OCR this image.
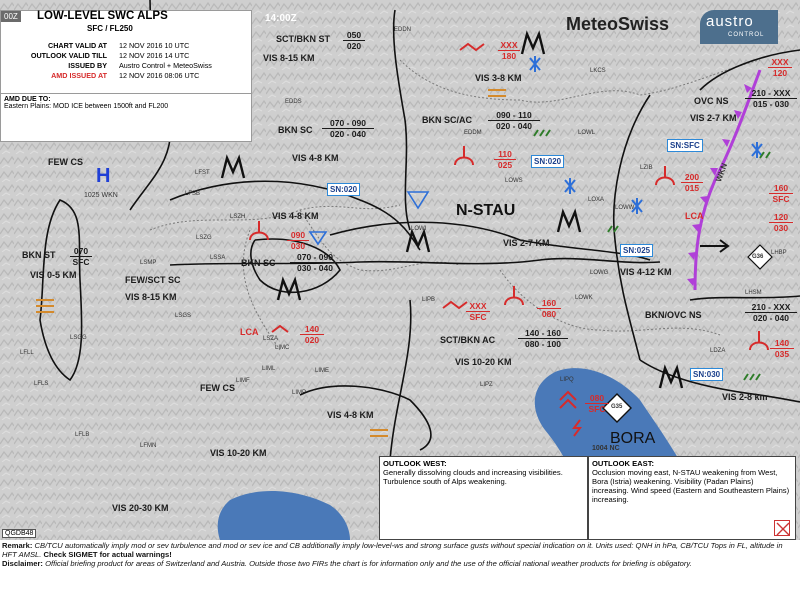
00Z LOW-LEVEL SWC ALPS
SFC / FL250
CHART VALID AT 12 NOV 2016 10 UTC
OUTLOOK VALID TILL 12 NOV 2016 14 UTC
ISSUED BY Austro Control + MeteoSwiss
AMD ISSUED AT 12 NOV 2016 08:06 UTC
AMD DUE TO:
Eastern Plains: MOD ICE between 1500ft and FL200
14:00Z	MeteoSwiss austro
CONTROL
SCT/BKN ST $\frac{050}{020}$
VIS 8-15 KM
BKN SC $\frac{070 - 090}{020 - 040}$
VIS 4-8 KM
BKN $SC/AC \frac{090 - 110}{020 - 040}$
VIS 3-8 KM
BKN ST	070
SFC
VIS 0-5 KM	FEW/SCT SC
VIS 8-15 KM
BKN SC $\frac{070 - 090}{030 - 040}$
VIS 4-8 KM
SCT/BKN AC	$\frac{140 - 160}{080 - 100}$
VIS 10-20 KM
FEW CS
VIS 10-20 KM
VIS 4-8 KM
VIS 20-30 KM
OVC NS
210 - XXX
015 - 030
VIS 2-7 KM
VIS 4-12 KM
BKN/OVC NS
210 - XXX
020 - 040
VIS 2-8 km
VIS 2-7 KM
FEW CS
H
1025 WKN
N-STAU
BORA
1004 NC
WKN
SN:020
SN:020
SN:SFC
SN:025
SN:030
XXX
180
110
025
090
030
200
015	160
SFC
120
030
XXX
SFC
160
080
140
020
080
SFC
140
035
XXX
120
LCA
LCA
G35
G36
EDDN
EDDS
EDDM	LOWL
LOWS
LKCS
LFSB
LSZH
LSZG
LSMP
LSGG
LSGS
LFLL
LFLS
LIMC
LIME
LIPB
LIPZ
LIPQ
LOWI
LOWW
LOWG
LZIB
LHSM
LOWK
LDZA
LIMF
LIML
LFMN
LIMP
LFLB
LSZA
LOXA
LHBP
LFST
LSSA
OUTLOOK WEST:
Generally dissolving clouds and increasing visibilities. Turbulence south of Alps weakening.
OUTLOOK EAST:
Occlusion moving east, N-STAU weakening from West, Bora (Istria) weakening. Visibility (Padan Plains) increasing. Wind speed (Eastern and Southeastern Plains) increasing.
QGDB48
Remark: CB/TCU automatically imply mod or sev turbulence and mod or sev ice and CB additionally imply low-level-ws and strong surface gusts without special indication on it. Units used: QNH in hPa, CB/TCU Tops in FL, altitude in HFT AMSL. Check SIGMET for actual warnings!
Disclaimer: Official briefing product for areas of Switzerland and Austria. Outside those two FIRs the chart is for information only and the use of the official national weather products for briefing is obligatory.
